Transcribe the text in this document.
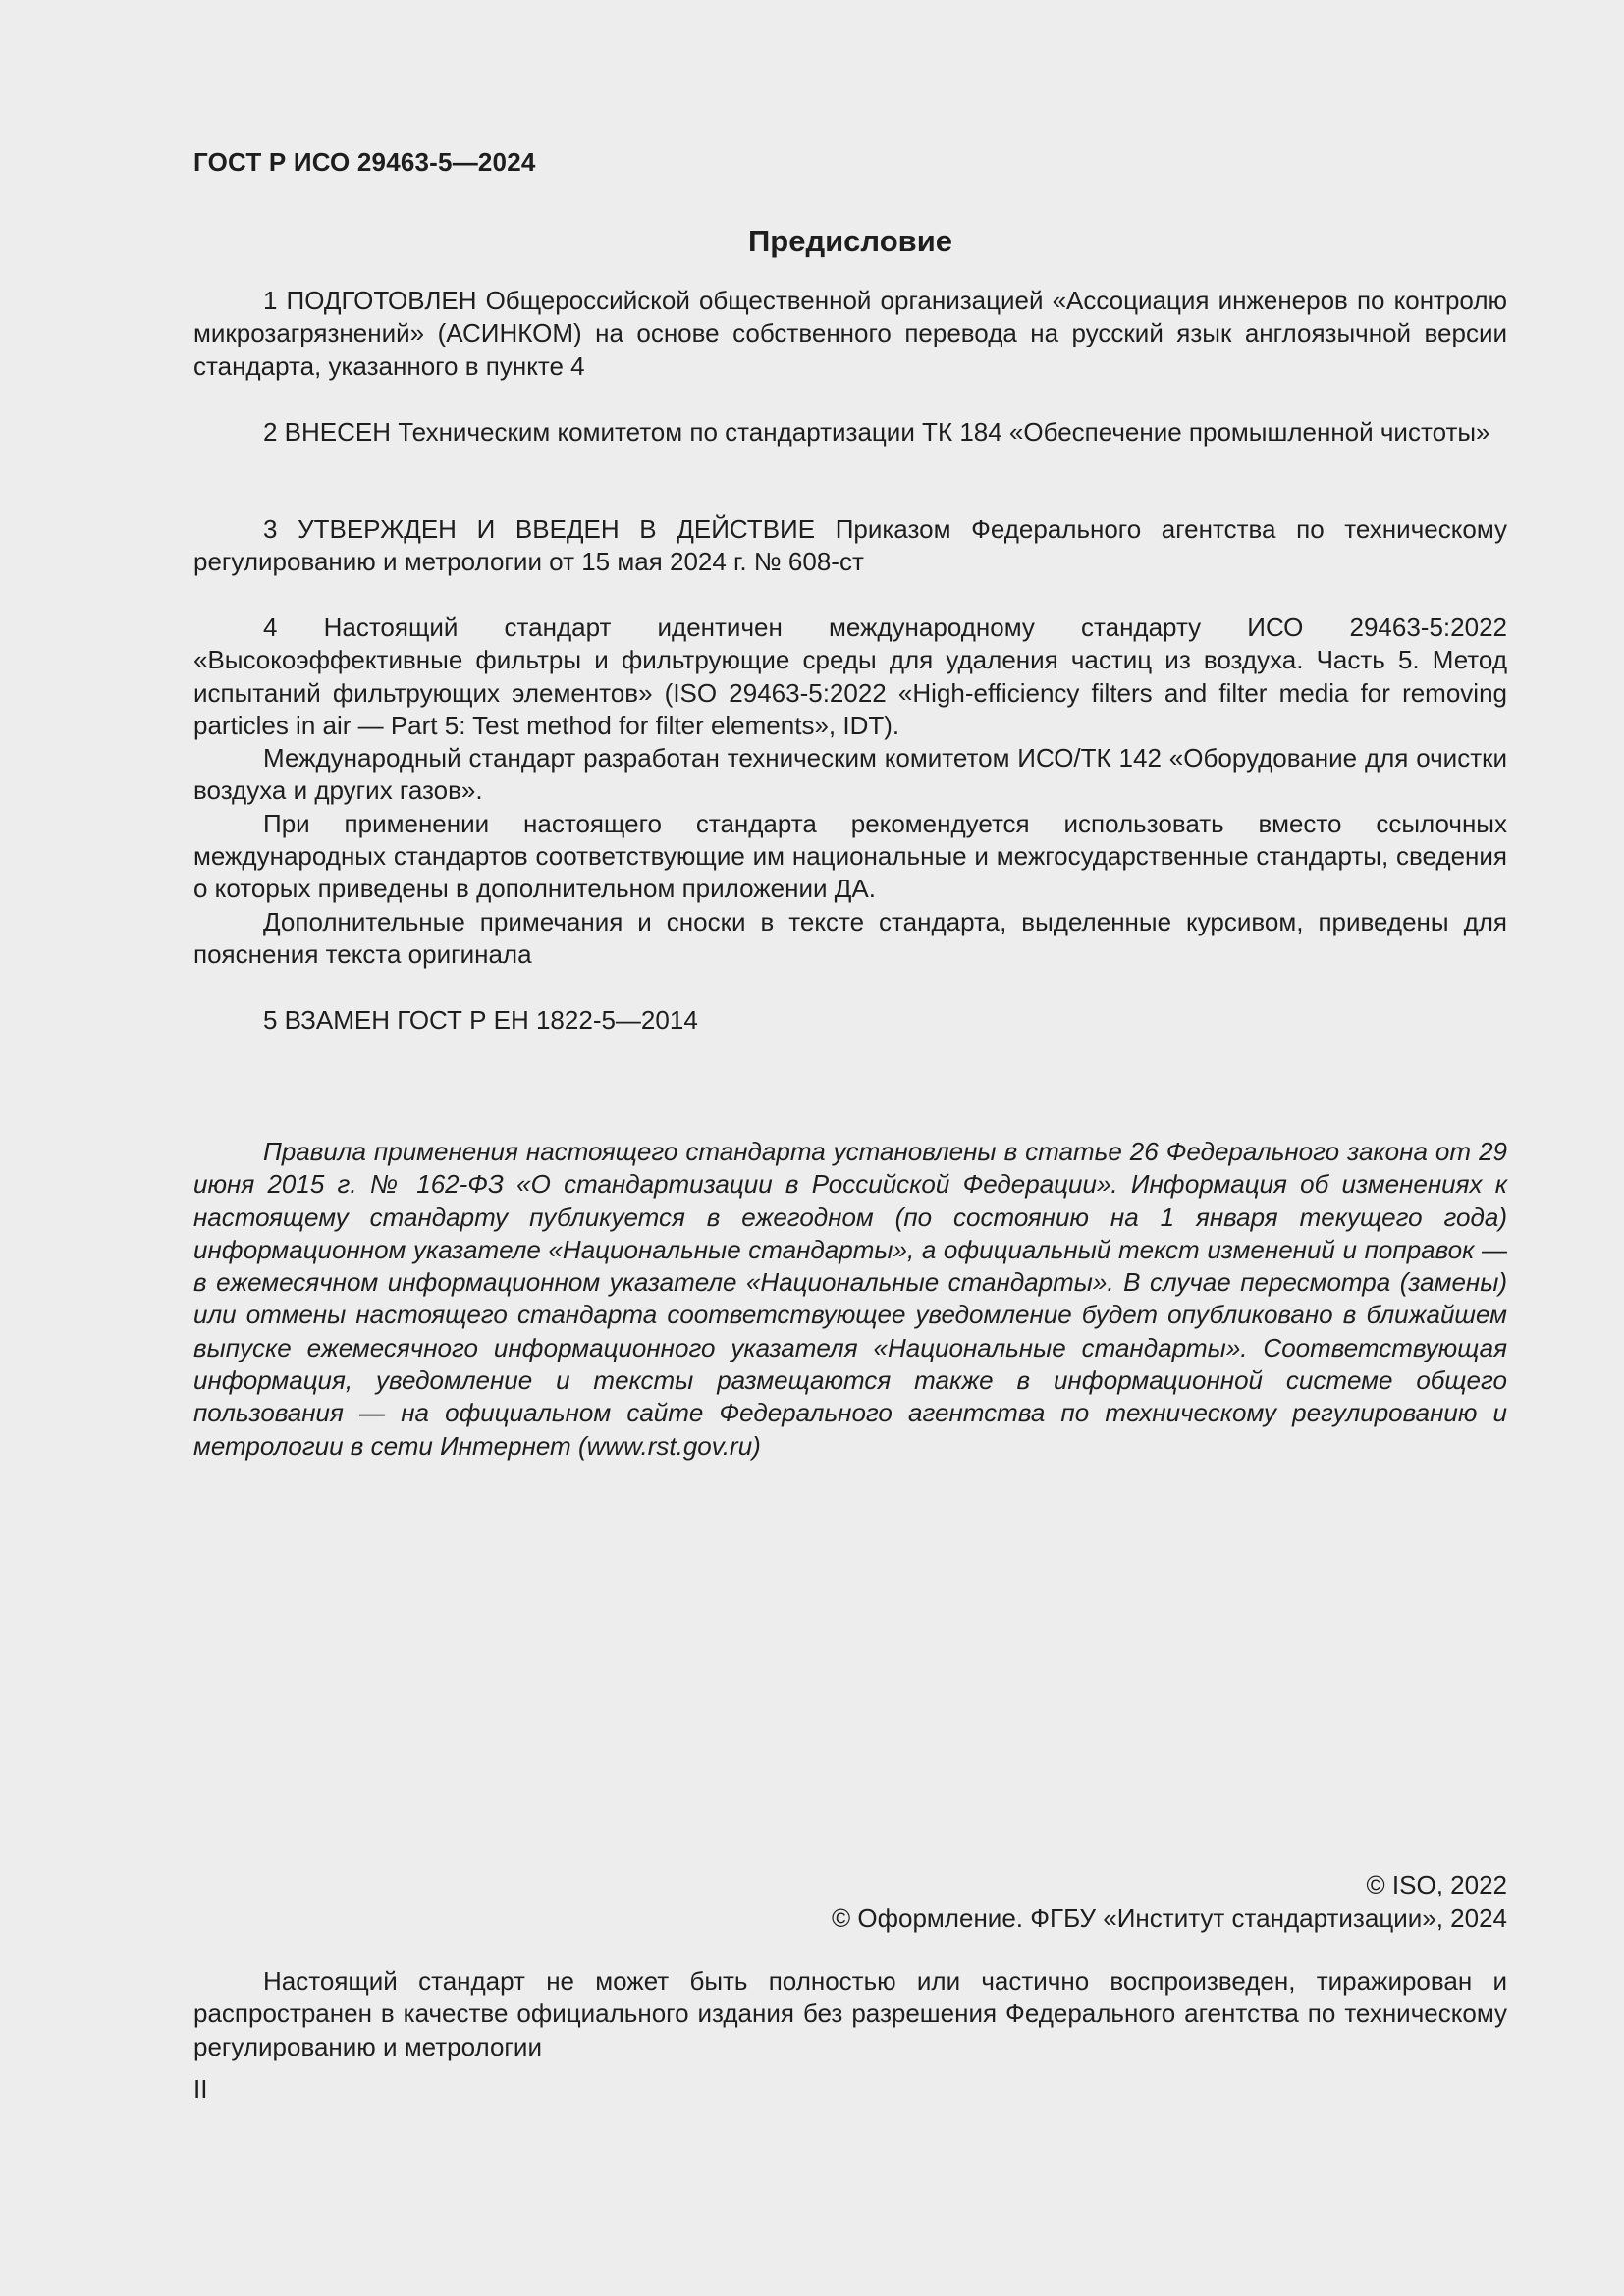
ГОСТ Р ИСО 29463-5—2024
Предисловие

1 ПОДГОТОВЛЕН Общероссийской общественной организацией «Ассоциация инженеров по контролю микрозагрязнений» (АСИНКОМ) на основе собственного перевода на русский язык англоязычной версии стандарта, указанного в пункте 4

2 ВНЕСЕН Техническим комитетом по стандартизации ТК 184 «Обеспечение промышленной чистоты»

3 УТВЕРЖДЕН И ВВЕДЕН В ДЕЙСТВИЕ Приказом Федерального агентства по техническому регулированию и метрологии от 15 мая 2024 г. № 608-ст

4 Настоящий стандарт идентичен международному стандарту ИСО 29463-5:2022 «Высокоэффективные фильтры и фильтрующие среды для удаления частиц из воздуха. Часть 5. Метод испытаний фильтрующих элементов» (ISO 29463-5:2022 «High-efficiency filters and filter media for removing particles in air — Part 5: Test method for filter elements», IDT).

Международный стандарт разработан техническим комитетом ИСО/ТК 142 «Оборудование для очистки воздуха и других газов».

При применении настоящего стандарта рекомендуется использовать вместо ссылочных международных стандартов соответствующие им национальные и межгосударственные стандарты, сведения о которых приведены в дополнительном приложении ДА.

Дополнительные примечания и сноски в тексте стандарта, выделенные курсивом, приведены для пояснения текста оригинала

5 ВЗАМЕН ГОСТ Р ЕН 1822-5—2014

Правила применения настоящего стандарта установлены в статье 26 Федерального закона от 29 июня 2015 г. № 162-ФЗ «О стандартизации в Российской Федерации». Информация об изменениях к настоящему стандарту публикуется в ежегодном (по состоянию на 1 января текущего года) информационном указателе «Национальные стандарты», а официальный текст изменений и поправок — в ежемесячном информационном указателе «Национальные стандарты». В случае пересмотра (замены) или отмены настоящего стандарта соответствующее уведомление будет опубликовано в ближайшем выпуске ежемесячного информационного указателя «Национальные стандарты». Соответствующая информация, уведомление и тексты размещаются также в информационной системе общего пользования — на официальном сайте Федерального агентства по техническому регулированию и метрологии в сети Интернет (www.rst.gov.ru)

© ISO, 2022
© Оформление. ФГБУ «Институт стандартизации», 2024

Настоящий стандарт не может быть полностью или частично воспроизведен, тиражирован и распространен в качестве официального издания без разрешения Федерального агентства по техническому регулированию и метрологии

II
